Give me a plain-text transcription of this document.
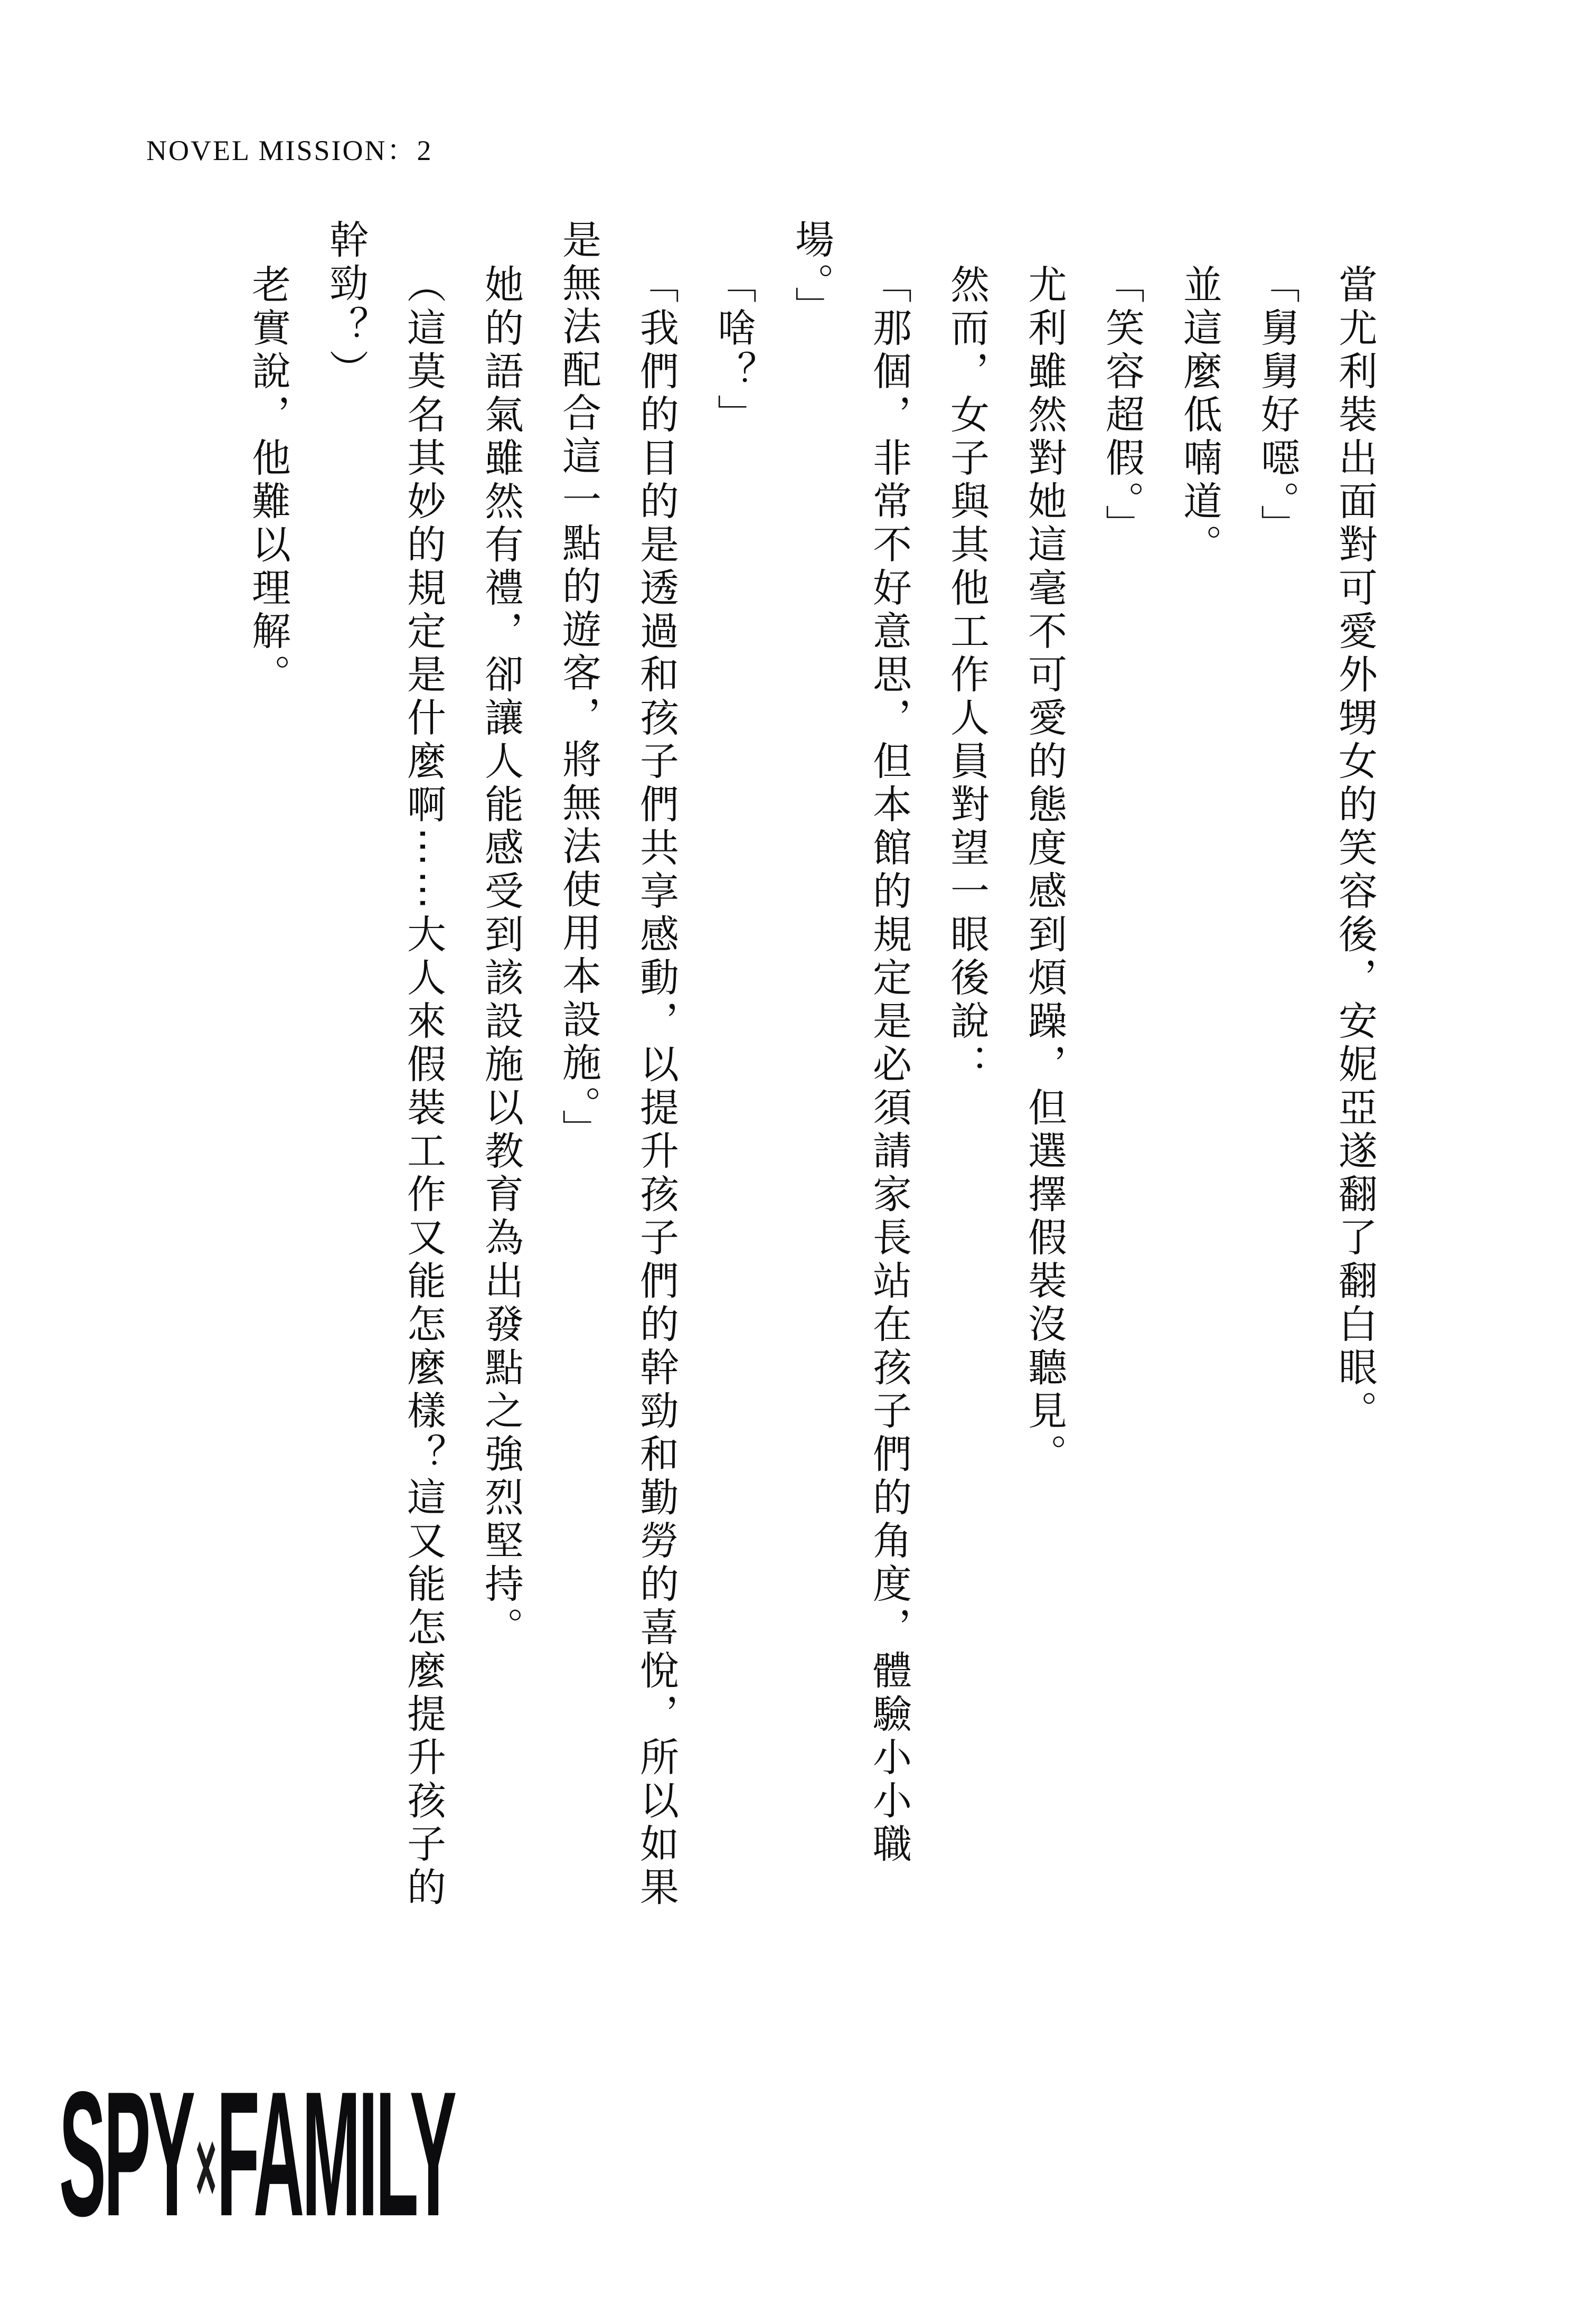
NOVEL MISSION：2
當尤利裝出面對可愛外甥女的笑容後，安妮亞遂翻了翻白眼。
「舅舅好噁。」
並這麼低喃道。
「笑容超假。」
尤利雖然對她這毫不可愛的態度感到煩躁，但選擇假裝沒聽見。
然而，女子與其他工作人員對望一眼後說：
「那個，非常不好意思，但本館的規定是必須請家長站在孩子們的角度，體驗小小職
場。」
「啥？」
「我們的目的是透過和孩子們共享感動，以提升孩子們的幹勁和勤勞的喜悅，所以如果
是無法配合這一點的遊客，將無法使用本設施。」
她的語氣雖然有禮，卻讓人能感受到該設施以教育為出發點之強烈堅持。
（這莫名其妙的規定是什麼啊⋯⋯大人來假裝工作又能怎麼樣？這又能怎麼提升孩子的
幹勁？）
老實說，他難以理解。
SPY×FAMILY
